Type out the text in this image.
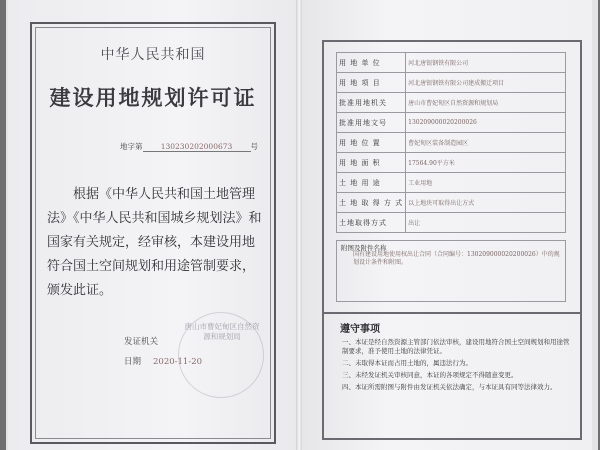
中华人民共和国
建设用地规划许可证
地字第 130230202000673 号
根据《中华人民共和国土地管理法》《中华人民共和国城乡规划法》和国家有关规定，经审核，本建设用地符合国土空间规划和用途管制要求，颁发此证。
发证机关
日期 2020-11-20
唐山市曹妃甸区自然资源和规划局
用 地 单 位	河北唐银钢铁有限公司
用 地 项 目	河北唐银钢铁有限公司建成搬迁项目
批准用地机关	唐山市曹妃甸区自然资源和规划局
批准用地文号	130209000020200026
用 地 位 置	曹妃甸区装备制造园区
用 地 面 积	17564.90平方米
土 地 用 途	工业用地
土 地 取 得 方 式	以上地块可取得出让方式
土地取得方式	出让
附图及附件名称
国有建设用地使用权出让合同（合同编号：130209000020200026）中的规划设计条件和附图。
遵守事项
一、本证是经自然资源主管部门依法审核，建设用地符合国土空间规划和用途管制要求，准予使用土地的法律凭证。
二、未取得本证而占用土地的，属违法行为。
三、未经发证机关审核同意，本证的各项规定不得随意变更。
四、本证所需附图与附件由发证机关依法确定，与本证具有同等法律效力。
